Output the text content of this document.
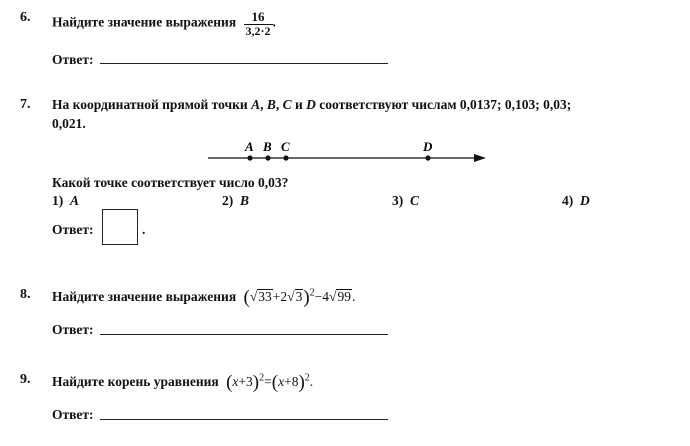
6. Найдите значение выражения $\frac{16}{3,2\cdot 2}$ .
Ответ:
7. На координатной прямой точки A, B, C и D соответствуют числам 0,0137; 0,103; 0,03;
0,021.
A B C	D
Какой точке соответствует число 0,03?
1)  A	2)  B	3)  C	4)  D
Ответ:	.
8. Найдите значение выражения $(√33+2√3)^2-4√99$.
Ответ:
9. Найдите корень уравнения $(x+3)^2=(x+8)^2$.
Ответ:
